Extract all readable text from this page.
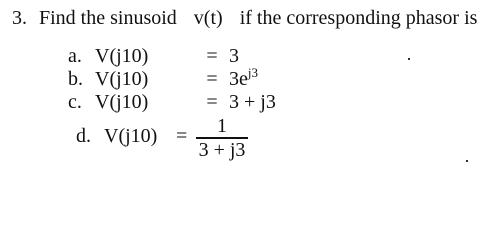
3. Find the sinusoid v(t) if the corresponding phasor is
a. V(j10)	= 3
b. V(j10)	= $3e^{j3}$
c. V(j10)	= 3 + j3
d. V(j10) =	1
3 + j3
